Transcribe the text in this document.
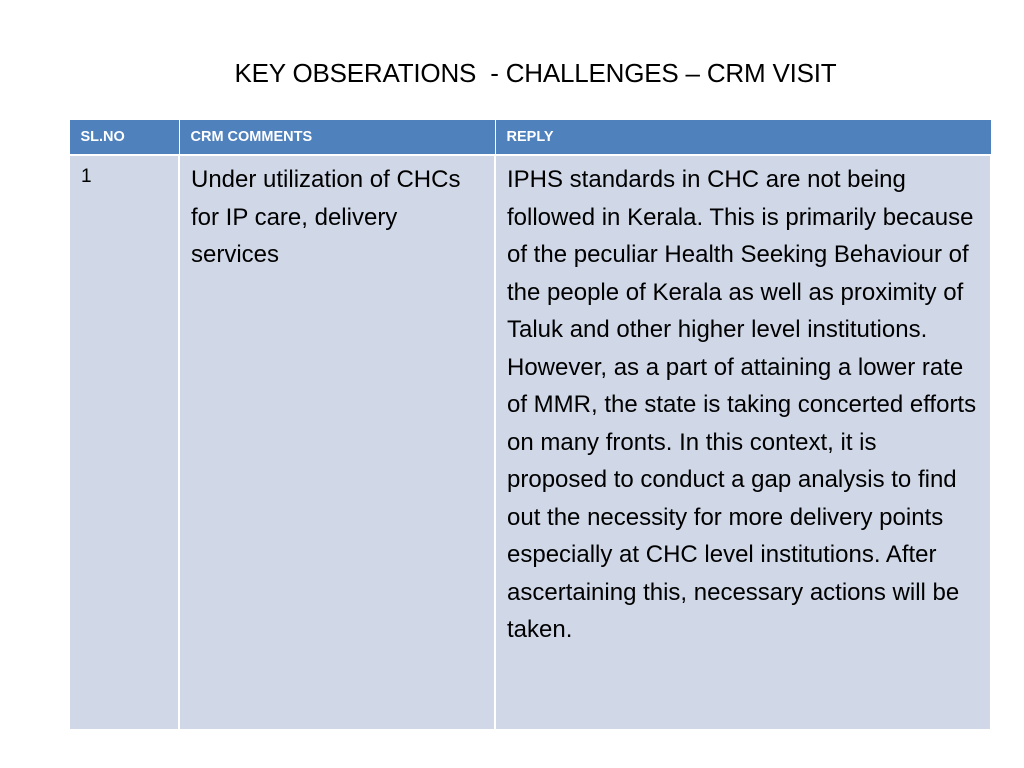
KEY OBSERATIONS  - CHALLENGES – CRM VISIT
SL.NO	CRM COMMENTS	REPLY
1	Under utilization of CHCs for IP care, delivery services	IPHS standards in CHC are not being followed in Kerala. This is primarily because of the peculiar Health Seeking Behaviour of the people of Kerala as well as proximity of Taluk and other higher level institutions. However, as a part of attaining a lower rate of MMR, the state is taking concerted efforts on many fronts. In this context, it is proposed to conduct a gap analysis to find out the necessity for more delivery points especially at CHC level institutions. After ascertaining this, necessary actions will be taken.
